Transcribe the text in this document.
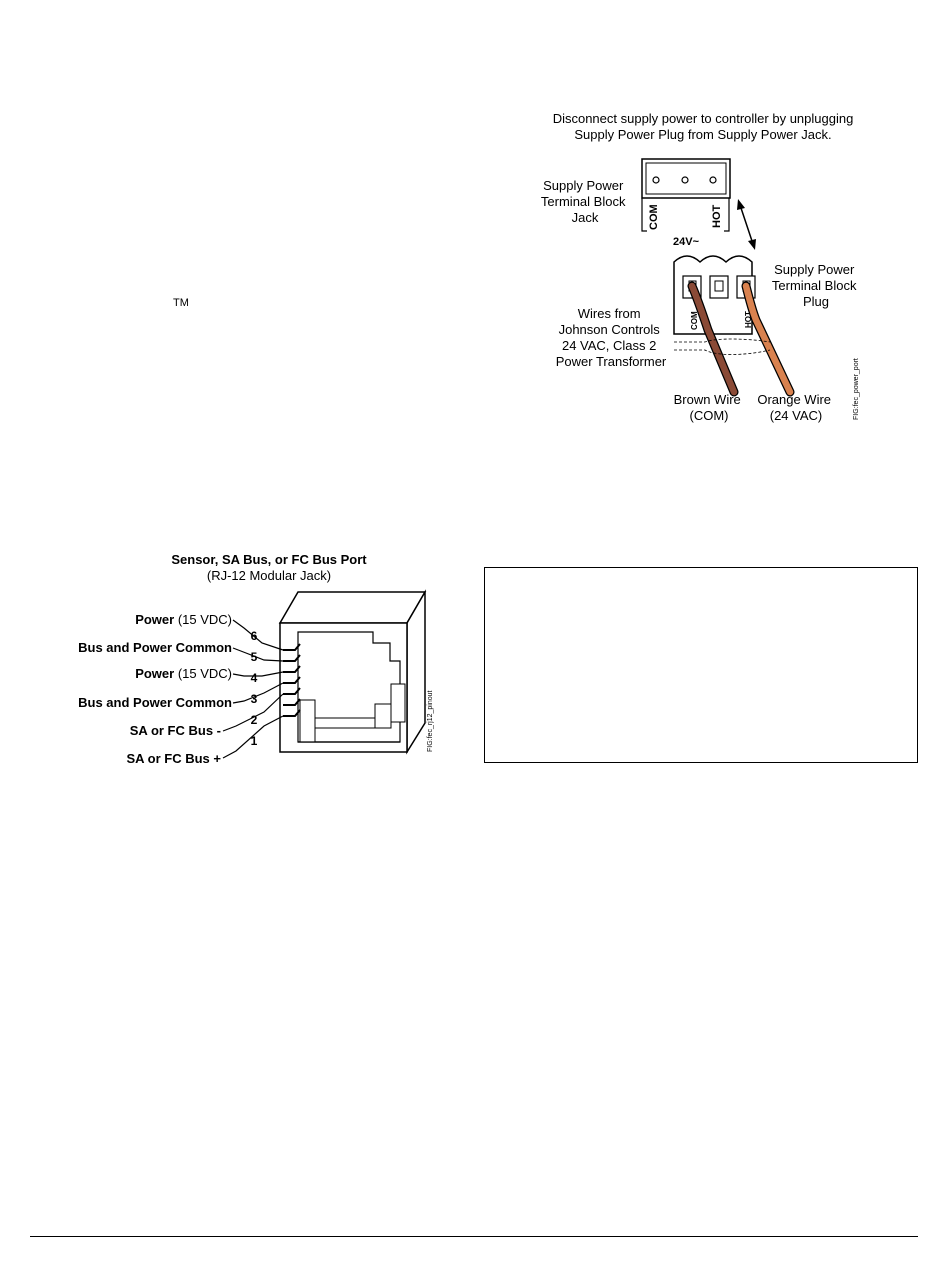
TM
Disconnect supply power to controller by unplugging
Supply Power Plug from Supply Power Jack.
Supply Power Terminal Block Jack	COM	HOT
24V~
COM	HOT
Supply Power Terminal Block Plug
Wires from Johnson Controls 24 VAC, Class 2 Power Transformer
Brown Wire (COM)
Orange Wire (24 VAC)	FIG:fec_power_port
Sensor, SA Bus, or FC Bus Port
(RJ-12 Modular Jack)
Power (15 VDC)
Bus and Power Common
Power (15 VDC)
Bus and Power Common
SA or FC Bus -
SA or FC Bus +
6
5
4
3
2
1	FIG:fec_rj12_pinout
